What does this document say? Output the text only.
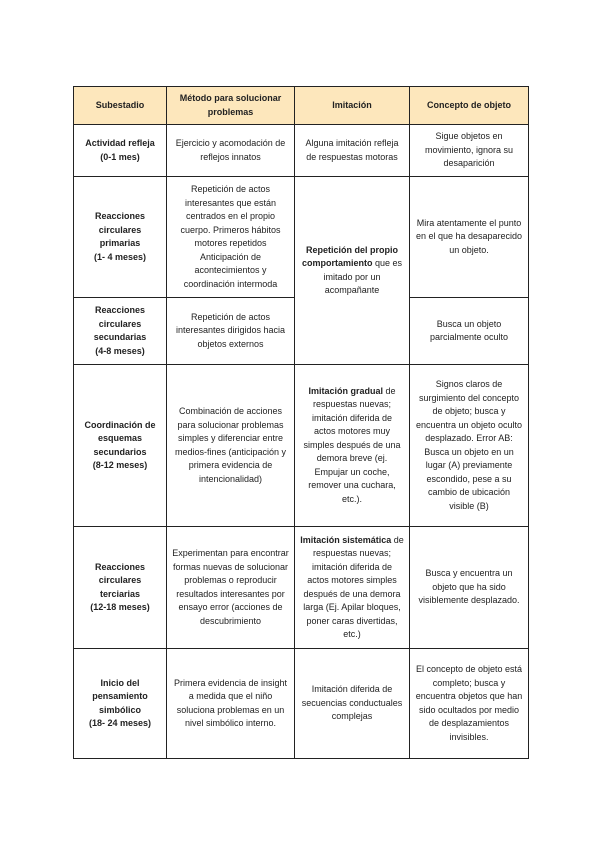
Subestadio	Método para solucionar problemas	Imitación	Concepto de objeto
Actividad refleja
(0-1 mes)	Ejercicio y acomodación de reflejos innatos	Alguna imitación refleja de respuestas motoras	Sigue objetos en movimiento, ignora su desaparición
Reacciones circulares primarias
(1- 4 meses)	Repetición de actos interesantes que están centrados en el propio cuerpo. Primeros hábitos motores repetidos
Anticipación de acontecimientos y coordinación intermoda	Repetición del propio comportamiento que es imitado por un acompañante	Mira atentamente el punto en el que ha desaparecido un objeto.
Reacciones circulares secundarias
(4-8 meses)	Repetición de actos interesantes dirigidos hacia objetos externos		Busca un objeto parcialmente oculto
Coordinación de esquemas secundarios
(8-12 meses)	Combinación de acciones para solucionar problemas simples y diferenciar entre medios-fines (anticipación y primera evidencia de intencionalidad)	Imitación gradual de respuestas nuevas; imitación diferida de actos motores muy simples después de una demora breve (ej. Empujar un coche, remover una cuchara, etc.).	Signos claros de surgimiento del concepto de objeto; busca y encuentra un objeto oculto desplazado. Error AB: Busca un objeto en un lugar (A) previamente escondido, pese a su cambio de ubicación visible (B)
Reacciones circulares terciarias
(12-18 meses)	Experimentan para encontrar formas nuevas de solucionar problemas o reproducir resultados interesantes por ensayo error (acciones de descubrimiento	Imitación sistemática de respuestas nuevas; imitación diferida de actos motores simples después de una demora larga (Ej. Apilar bloques, poner caras divertidas, etc.)	Busca y encuentra un objeto que ha sido visiblemente desplazado.
Inicio del pensamiento simbólico
(18- 24 meses)	Primera evidencia de insight a medida que el niño soluciona problemas en un nivel simbólico interno.	Imitación diferida de secuencias conductuales complejas	El concepto de objeto está completo; busca y encuentra objetos que han sido ocultados por medio de desplazamientos invisibles.
